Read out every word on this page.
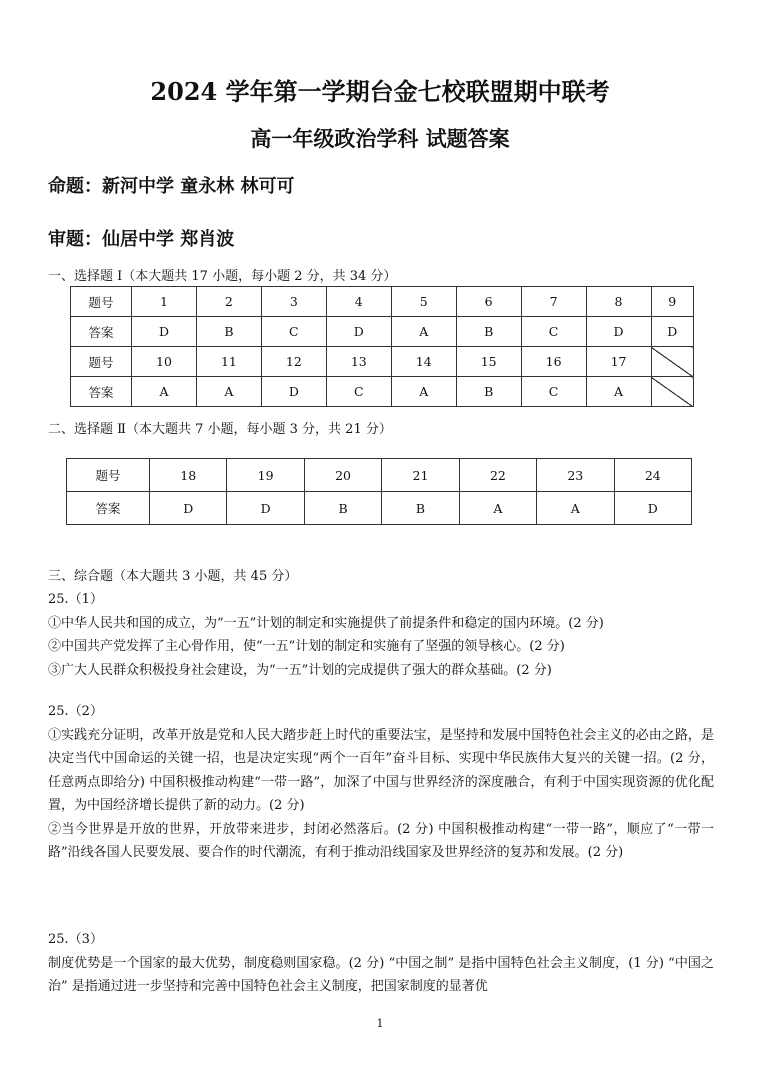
2024 学年第一学期台金七校联盟期中联考
高一年级政治学科 试题答案
命题：新河中学 童永林 林可可
审题：仙居中学 郑肖波
一、选择题 Ⅰ（本大题共 17 小题，每小题 2 分，共 34 分）
题号	1	2	3	4	5	6	7	8	9
答案	D	B	C	D	A	B	C	D	D
题号	10	11	12	13	14	15	16	17	
答案	A	A	D	C	A	B	C	A	
二、选择题 Ⅱ（本大题共 7 小题，每小题 3 分，共 21 分）
题号	18	19	20	21	22	23	24
答案	D	D	B	B	A	A	D
三、综合题（本大题共 3 小题，共 45 分）
25.（1）
①中华人民共和国的成立，为“一五”计划的制定和实施提供了前提条件和稳定的国内环境。(2 分)
②中国共产党发挥了主心骨作用，使“一五”计划的制定和实施有了坚强的领导核心。(2 分)
③广大人民群众积极投身社会建设，为“一五”计划的完成提供了强大的群众基础。(2 分)
25.（2）
①实践充分证明，改革开放是党和人民大踏步赶上时代的重要法宝，是坚持和发展中国特色社会主义的必由之路，是决定当代中国命运的关键一招，也是决定实现“两个一百年”奋斗目标、实现中华民族伟大复兴的关键一招。(2 分，任意两点即给分) 中国积极推动构建“一带一路”，加深了中国与世界经济的深度融合，有利于中国实现资源的优化配置，为中国经济增长提供了新的动力。(2 分)
②当今世界是开放的世界，开放带来进步，封闭必然落后。(2 分) 中国积极推动构建“一带一路”，顺应了“一带一路”沿线各国人民要发展、要合作的时代潮流，有利于推动沿线国家及世界经济的复苏和发展。(2 分)
25.（3）
制度优势是一个国家的最大优势，制度稳则国家稳。(2 分) “中国之制” 是指中国特色社会主义制度，(1 分) “中国之治” 是指通过进一步坚持和完善中国特色社会主义制度，把国家制度的显著优
1
